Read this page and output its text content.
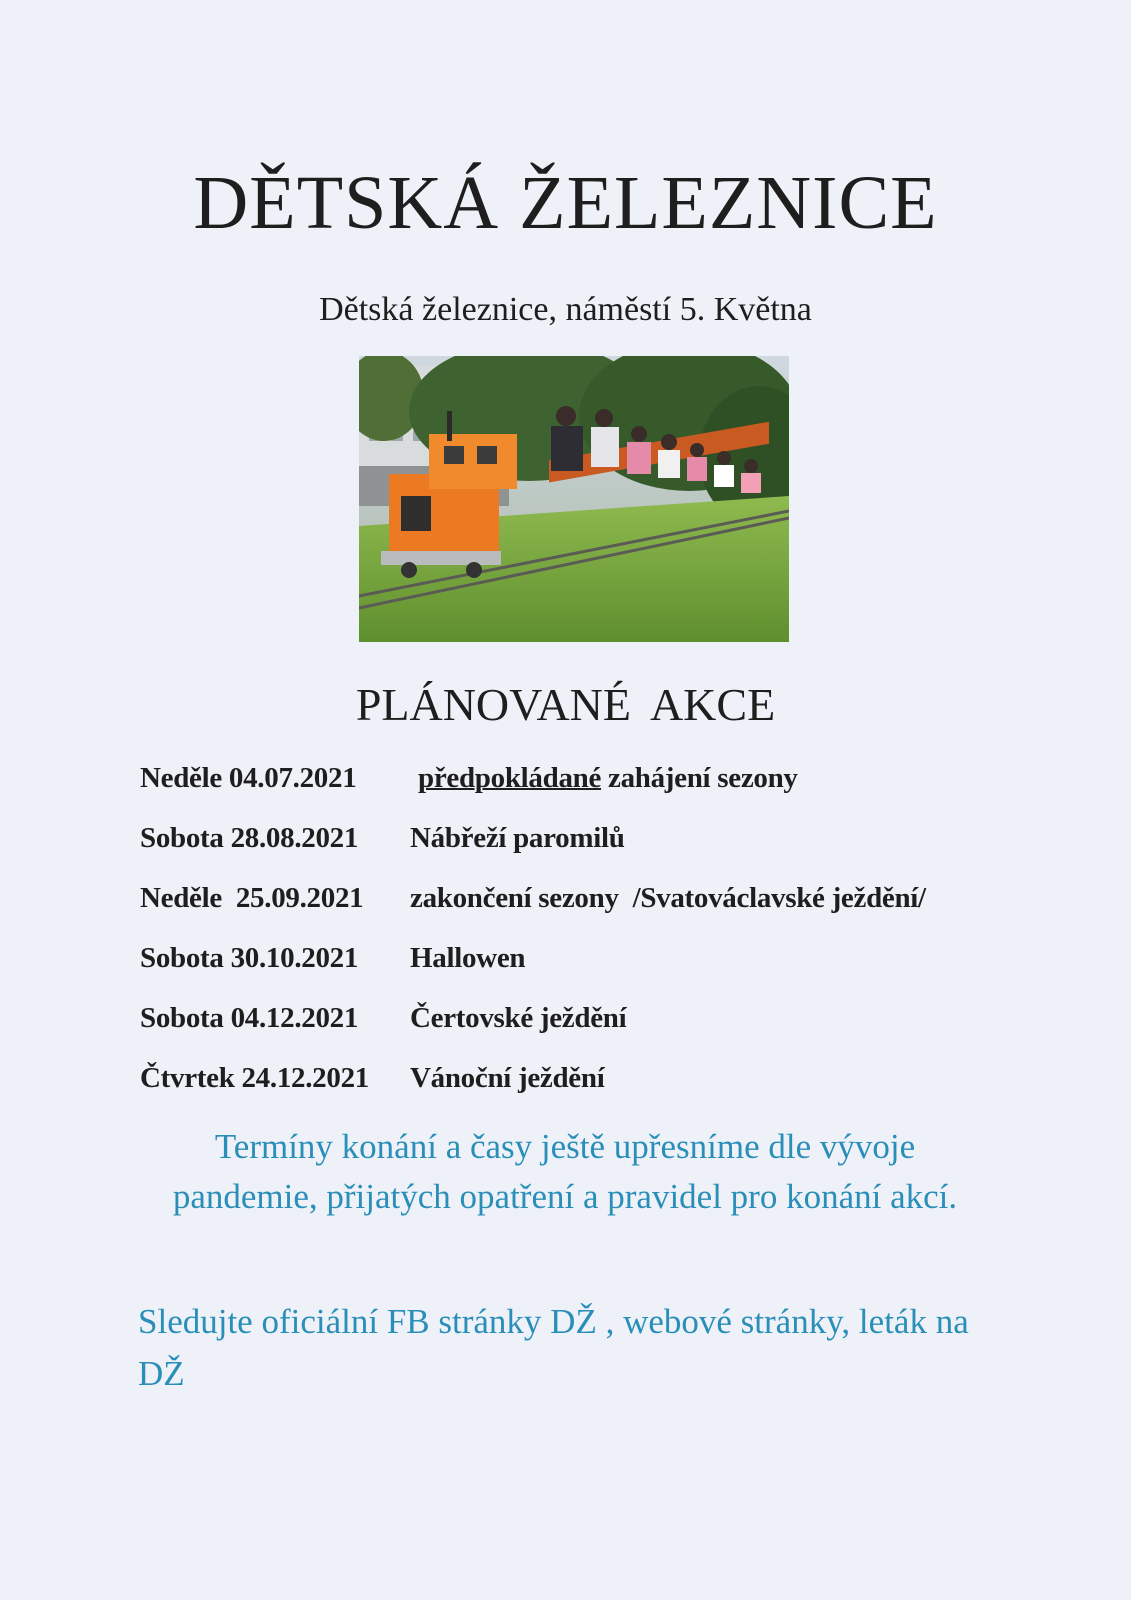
DĚTSKÁ ŽELEZNICE
Dětská železnice, náměstí 5. Května
PLÁNOVANÉ AKCE
Neděle 04.07.2021 předpokládané zahájení sezony
Sobota 28.08.2021 Nábřeží paromilů
Neděle  25.09.2021 zakončení sezony  /Svatováclavské ježdění/
Sobota 30.10.2021 Hallowen
Sobota 04.12.2021 Čertovské ježdění
Čtvrtek 24.12.2021 Vánoční ježdění
Termíny konání a časy ještě upřesníme dle vývoje pandemie, přijatých opatření a pravidel pro konání akcí.
Sledujte oficiální FB stránky DŽ , webové stránky, leták na DŽ
